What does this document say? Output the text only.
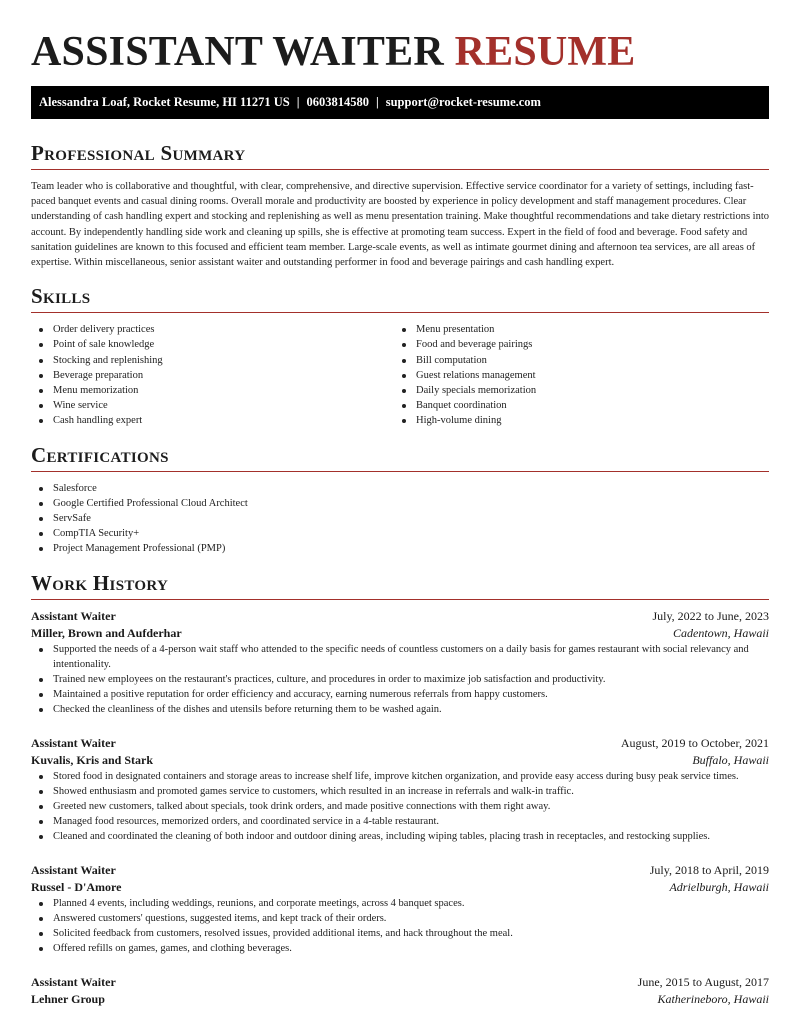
ASSISTANT WAITER RESUME
Alessandra Loaf, Rocket Resume, HI 11271 US | 0603814580 | support@rocket-resume.com
Professional Summary

Team leader who is collaborative and thoughtful, with clear, comprehensive, and directive supervision. Effective service coordinator for a variety of settings, including fast-paced banquet events and casual dining rooms. Overall morale and productivity are boosted by experience in policy development and staff management procedures. Clear understanding of cash handling expert and stocking and replenishing as well as menu presentation training. Make thoughtful recommendations and take dietary restrictions into account. By independently handling side work and cleaning up spills, she is effective at promoting team success. Expert in the field of food and beverage. Food safety and sanitation guidelines are known to this focused and efficient team member. Large-scale events, as well as intimate gourmet dining and afternoon tea services, are all areas of expertise. Within miscellaneous, senior assistant waiter and outstanding performer in food and beverage pairings and cash handling expert.

Skills
Order delivery practices
Point of sale knowledge
Stocking and replenishing
Beverage preparation
Menu memorization
Wine service
Cash handling expert
Menu presentation
Food and beverage pairings
Bill computation
Guest relations management
Daily specials memorization
Banquet coordination
High-volume dining
Certifications
Salesforce
Google Certified Professional Cloud Architect
ServSafe
CompTIA Security+
Project Management Professional (PMP)
Work History
Assistant Waiter	July, 2022 to June, 2023
Miller, Brown and Aufderhar	Cadentown, Hawaii
Supported the needs of a 4-person wait staff who attended to the specific needs of countless customers on a daily basis for games restaurant with social relevancy and intentionality.
Trained new employees on the restaurant's practices, culture, and procedures in order to maximize job satisfaction and productivity.
Maintained a positive reputation for order efficiency and accuracy, earning numerous referrals from happy customers.
Checked the cleanliness of the dishes and utensils before returning them to be washed again.
Assistant Waiter	August, 2019 to October, 2021
Kuvalis, Kris and Stark	Buffalo, Hawaii
Stored food in designated containers and storage areas to increase shelf life, improve kitchen organization, and provide easy access during busy peak service times.
Showed enthusiasm and promoted games service to customers, which resulted in an increase in referrals and walk-in traffic.
Greeted new customers, talked about specials, took drink orders, and made positive connections with them right away.
Managed food resources, memorized orders, and coordinated service in a 4-table restaurant.
Cleaned and coordinated the cleaning of both indoor and outdoor dining areas, including wiping tables, placing trash in receptacles, and restocking supplies.
Assistant Waiter	July, 2018 to April, 2019
Russel - D'Amore	Adrielburgh, Hawaii
Planned 4 events, including weddings, reunions, and corporate meetings, across 4 banquet spaces.
Answered customers' questions, suggested items, and kept track of their orders.
Solicited feedback from customers, resolved issues, provided additional items, and hack throughout the meal.
Offered refills on games, games, and clothing beverages.
Assistant Waiter	June, 2015 to August, 2017
Lehner Group	Katherineboro, Hawaii
